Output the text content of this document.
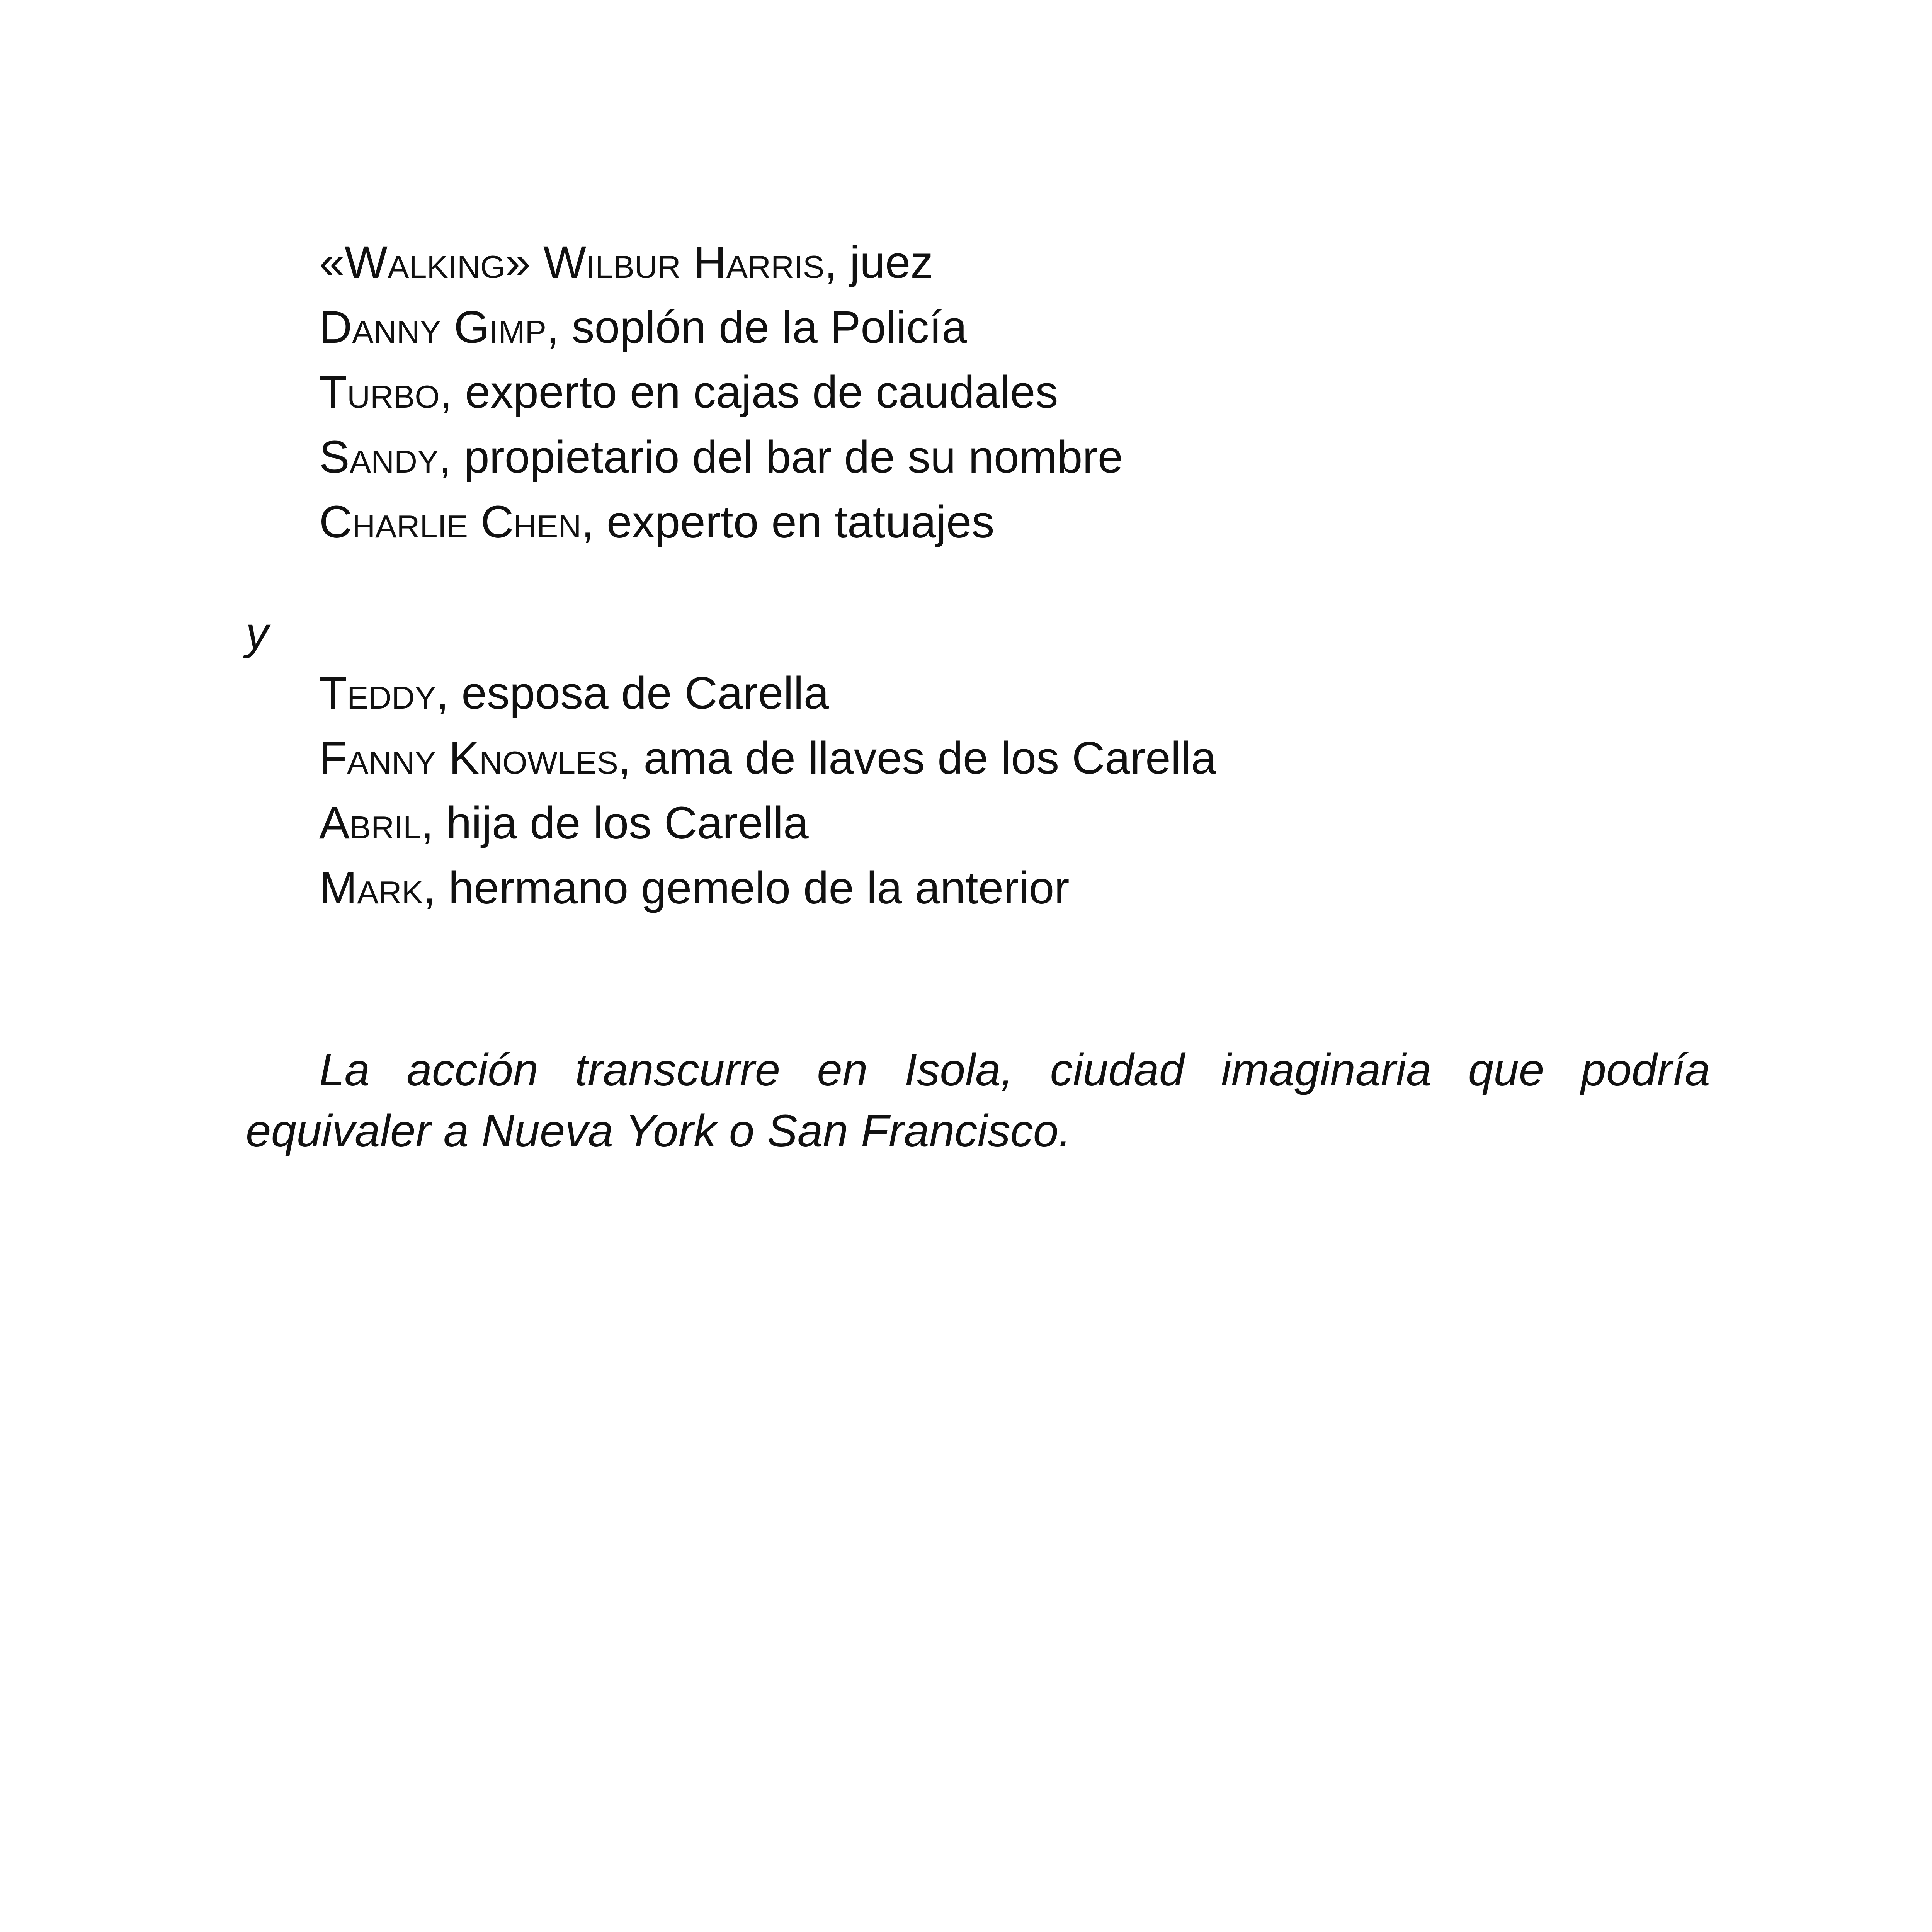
«Walking» Wilbur Harris, juez
Danny Gimp, soplón de la Policía
Turbo, experto en cajas de caudales
Sandy, propietario del bar de su nombre
Charlie Chen, experto en tatuajes
y
Teddy, esposa de Carella
Fanny Knowles, ama de llaves de los Carella
Abril, hija de los Carella
Mark, hermano gemelo de la anterior

La acción transcurre en Isola, ciudad imaginaria que podría equivaler a Nueva York o San Francisco.
